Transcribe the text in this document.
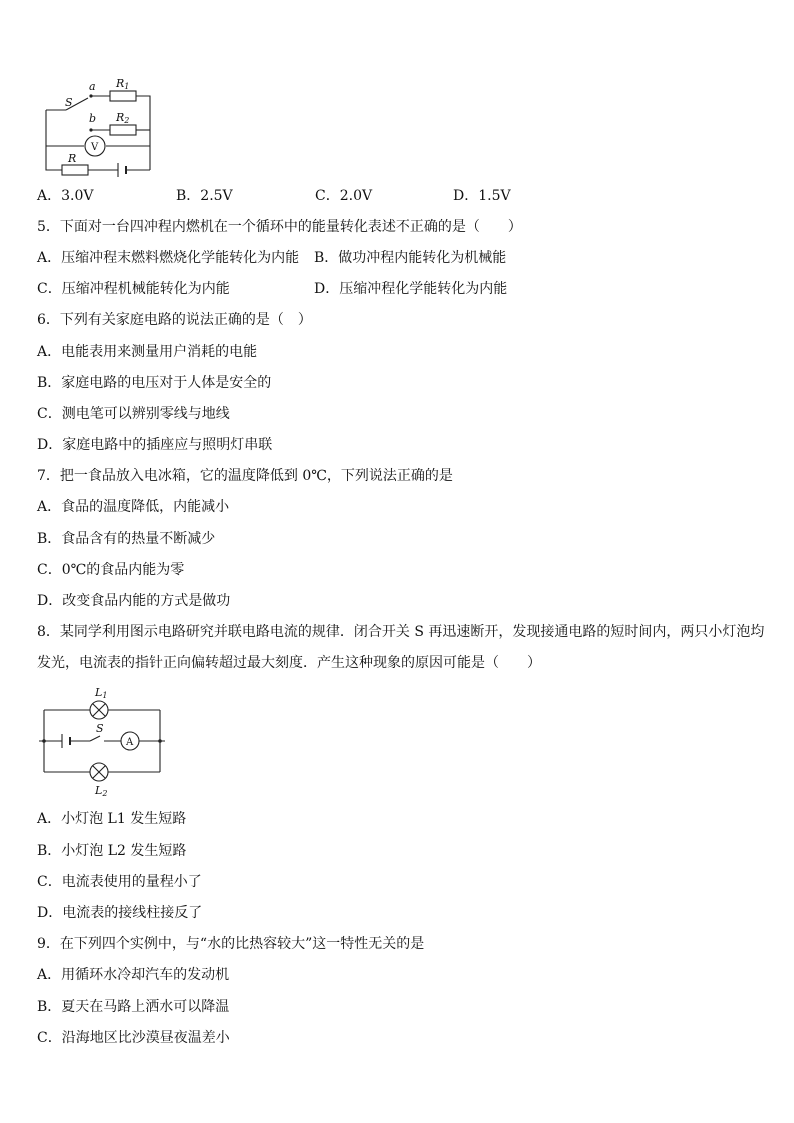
a
b
S
R1
R2
R
V
A．3.0V	B．2.5V	C．2.0V	D．1.5V
5．下面对一台四冲程内燃机在一个循环中的能量转化表述不正确的是（　　）
A．压缩冲程末燃料燃烧化学能转化为内能 B．做功冲程内能转化为机械能
C．压缩冲程机械能转化为内能	D．压缩冲程化学能转化为内能
6．下列有关家庭电路的说法正确的是（　）
A．电能表用来测量用户消耗的电能
B．家庭电路的电压对于人体是安全的
C．测电笔可以辨别零线与地线
D．家庭电路中的插座应与照明灯串联
7．把一食品放入电冰箱，它的温度降低到 0℃，下列说法正确的是
A．食品的温度降低，内能减小
B．食品含有的热量不断减少
C．0℃的食品内能为零
D．改变食品内能的方式是做功
8．某同学利用图示电路研究并联电路电流的规律．闭合开关 S 再迅速断开，发现接通电路的短时间内，两只小灯泡均
发光，电流表的指针正向偏转超过最大刻度．产生这种现象的原因可能是（　　）
A
L1
L2
S
A．小灯泡 L1 发生短路
B．小灯泡 L2 发生短路
C．电流表使用的量程小了
D．电流表的接线柱接反了
9．在下列四个实例中，与“水的比热容较大”这一特性无关的是
A．用循环水冷却汽车的发动机
B．夏天在马路上洒水可以降温
C．沿海地区比沙漠昼夜温差小
